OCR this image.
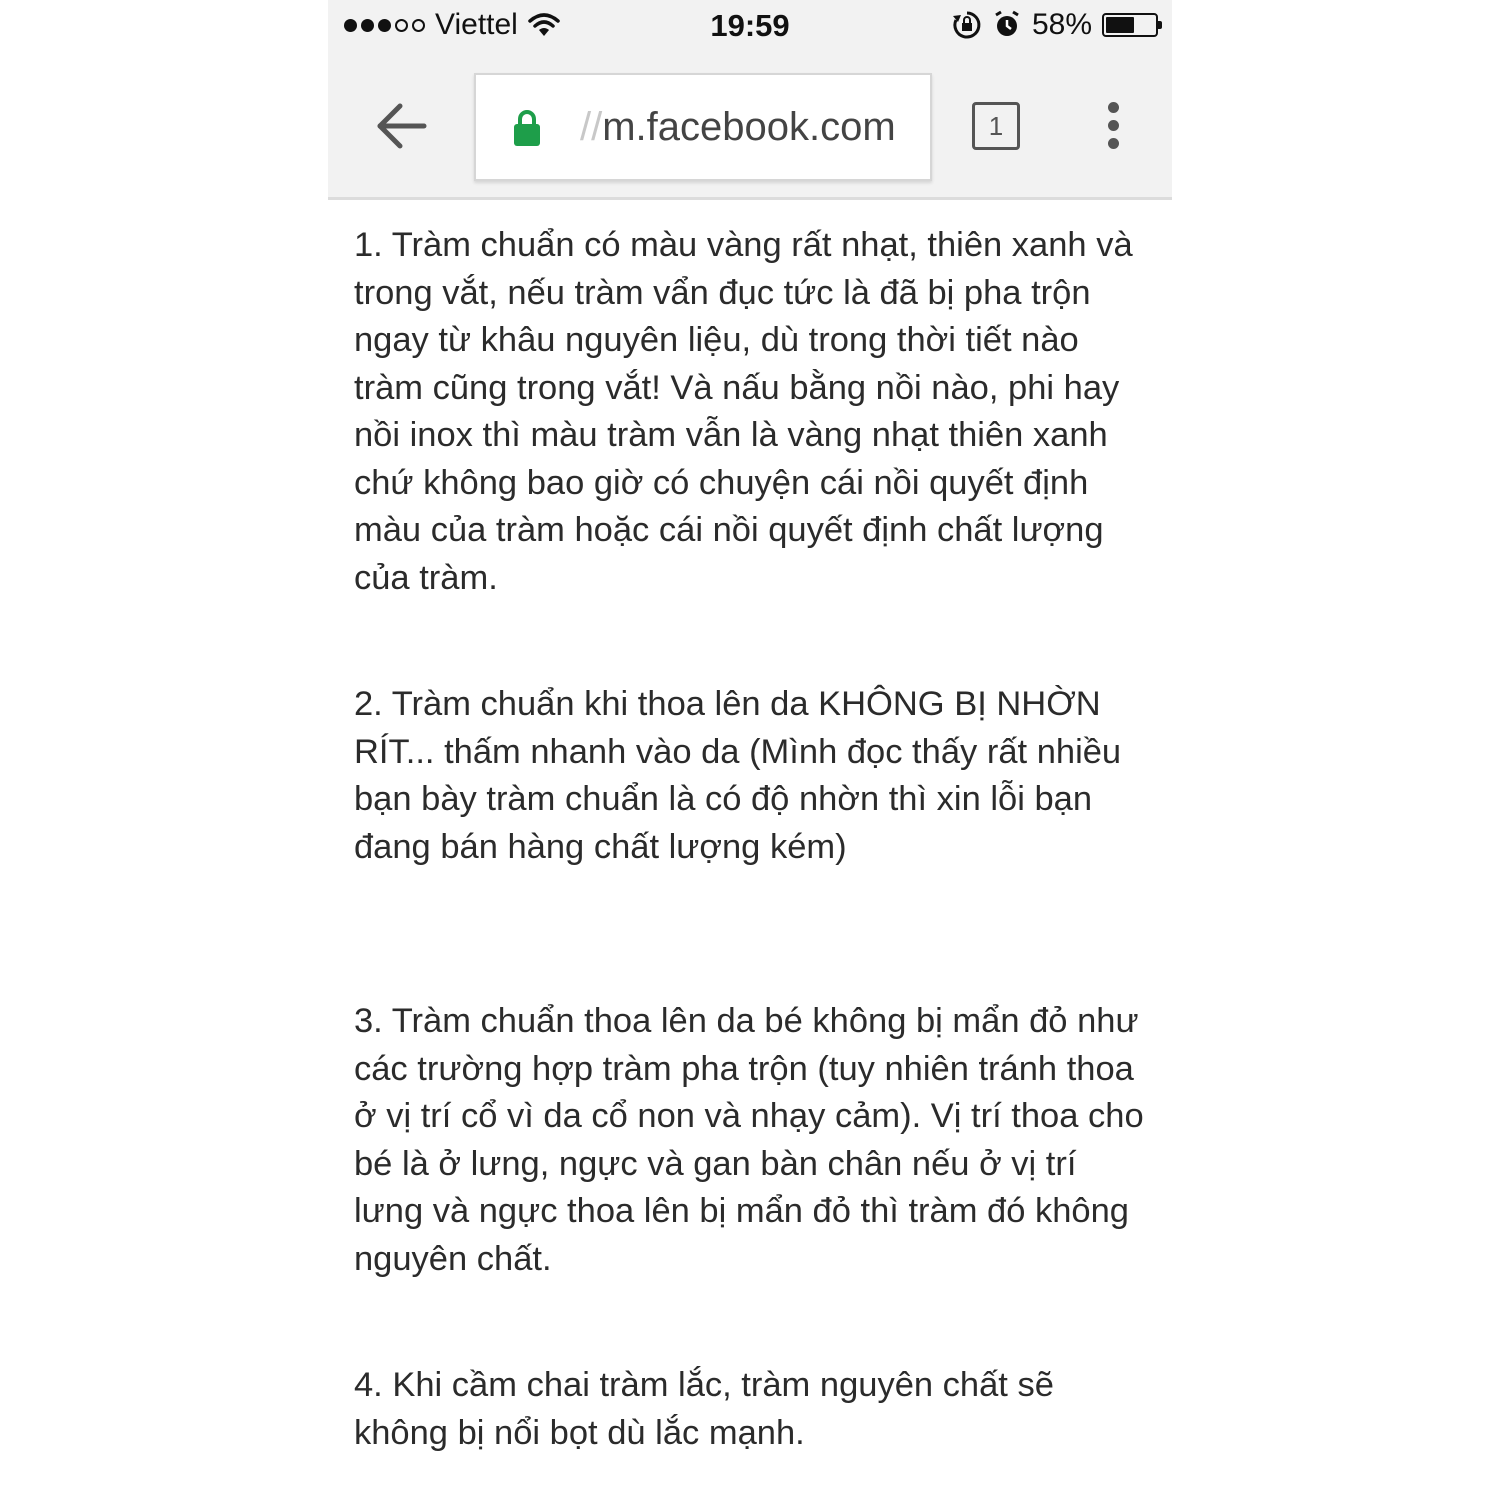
Viettel	19:59	58%
//m.facebook.com	1

1. Tràm chuẩn có màu vàng rất nhạt, thiên xanh và trong vắt, nếu tràm vẩn đục tức là đã bị pha trộn ngay từ khâu nguyên liệu, dù trong thời tiết nào tràm cũng trong vắt! Và nấu bằng nồi nào, phi hay nồi inox thì màu tràm vẫn là vàng nhạt thiên xanh chứ không bao giờ có chuyện cái nồi quyết định màu của tràm hoặc cái nồi quyết định chất lượng của tràm.

2. Tràm chuẩn khi thoa lên da KHÔNG BỊ NHỜN RÍT... thấm nhanh vào da (Mình đọc thấy rất nhiều bạn bày tràm chuẩn là có độ nhờn thì xin lỗi bạn đang bán hàng chất lượng kém)

3. Tràm chuẩn thoa lên da bé không bị mẩn đỏ như các trường hợp tràm pha trộn (tuy nhiên tránh thoa ở vị trí cổ vì da cổ non và nhạy cảm). Vị trí thoa cho bé là ở lưng, ngực và gan bàn chân nếu ở vị trí lưng và ngực thoa lên bị mẩn đỏ thì tràm đó không nguyên chất.

4. Khi cầm chai tràm lắc, tràm nguyên chất sẽ không bị nổi bọt dù lắc mạnh.
